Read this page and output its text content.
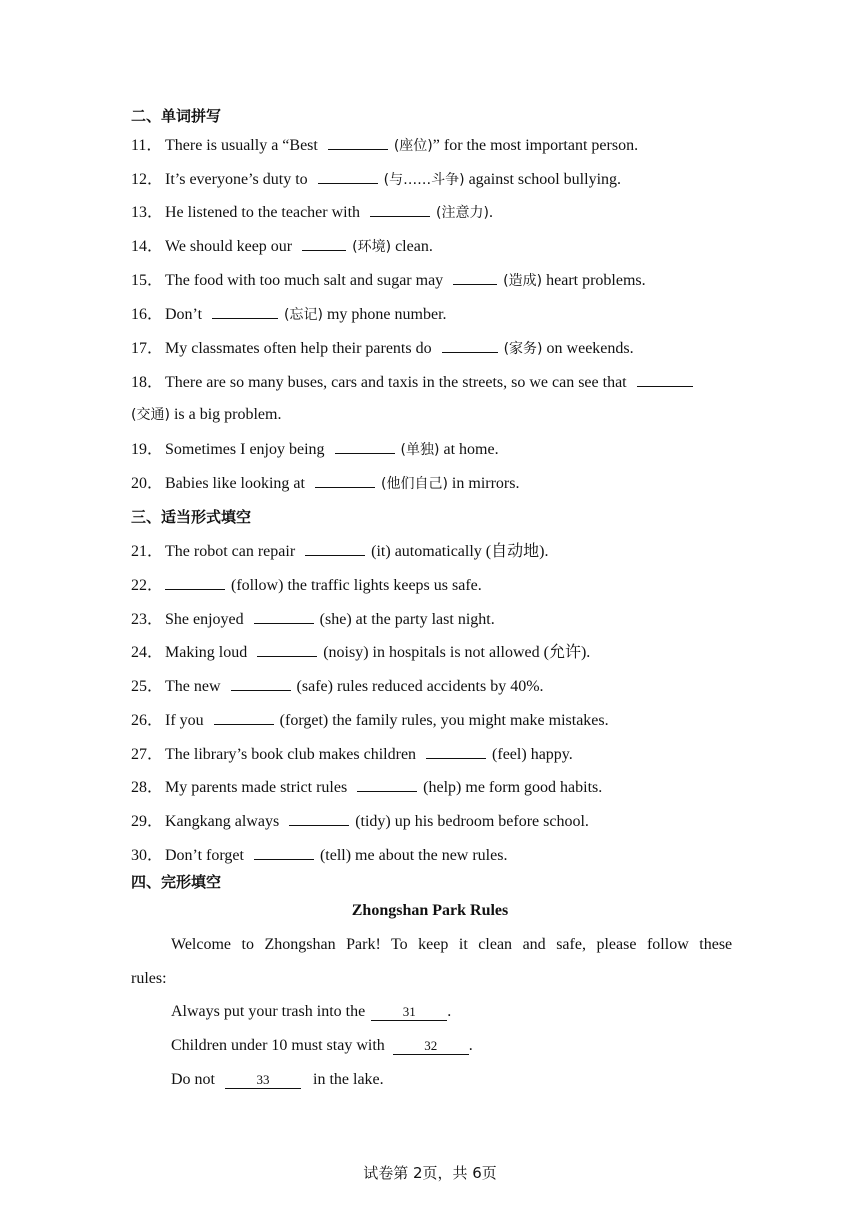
二、单词拼写
11． There is usually a “Best	(座位)” for the most important person.
12． It’s everyone’s duty to	(与……斗争) against school bullying.
13． He listened to the teacher with	(注意力).
14． We should keep our	(环境) clean.
15． The food with too much salt and sugar may	(造成) heart problems.
16． Don’t	(忘记) my phone number.
17． My classmates often help their parents do	(家务) on weekends.
18． There are so many buses, cars and taxis in the streets, so we can see that
(交通) is a big problem.
19． Sometimes I enjoy being	(单独) at home.
20． Babies like looking at	(他们自己) in mirrors.
三、适当形式填空
21． The robot can repair	(it) automatically (自动地).
22．	(follow) the traffic lights keeps us safe.
23． She enjoyed	(she) at the party last night.
24． Making loud	(noisy) in hospitals is not allowed (允许).
25． The new	(safe) rules reduced accidents by 40%.
26． If you	(forget) the family rules, you might make mistakes.
27． The library’s book club makes children	(feel) happy.
28． My parents made strict rules	(help) me form good habits.
29． Kangkang always	(tidy) up his bedroom before school.
30． Don’t forget	(tell) me about the new rules.
四、完形填空
Zhongshan Park Rules
Welcome to Zhongshan Park! To keep it clean and safe, please follow these
rules:
Always put your trash into the	31 .
Children under 10 must stay with	32 .
Do not	33 in the lake.
试卷第 2页，共 6页
